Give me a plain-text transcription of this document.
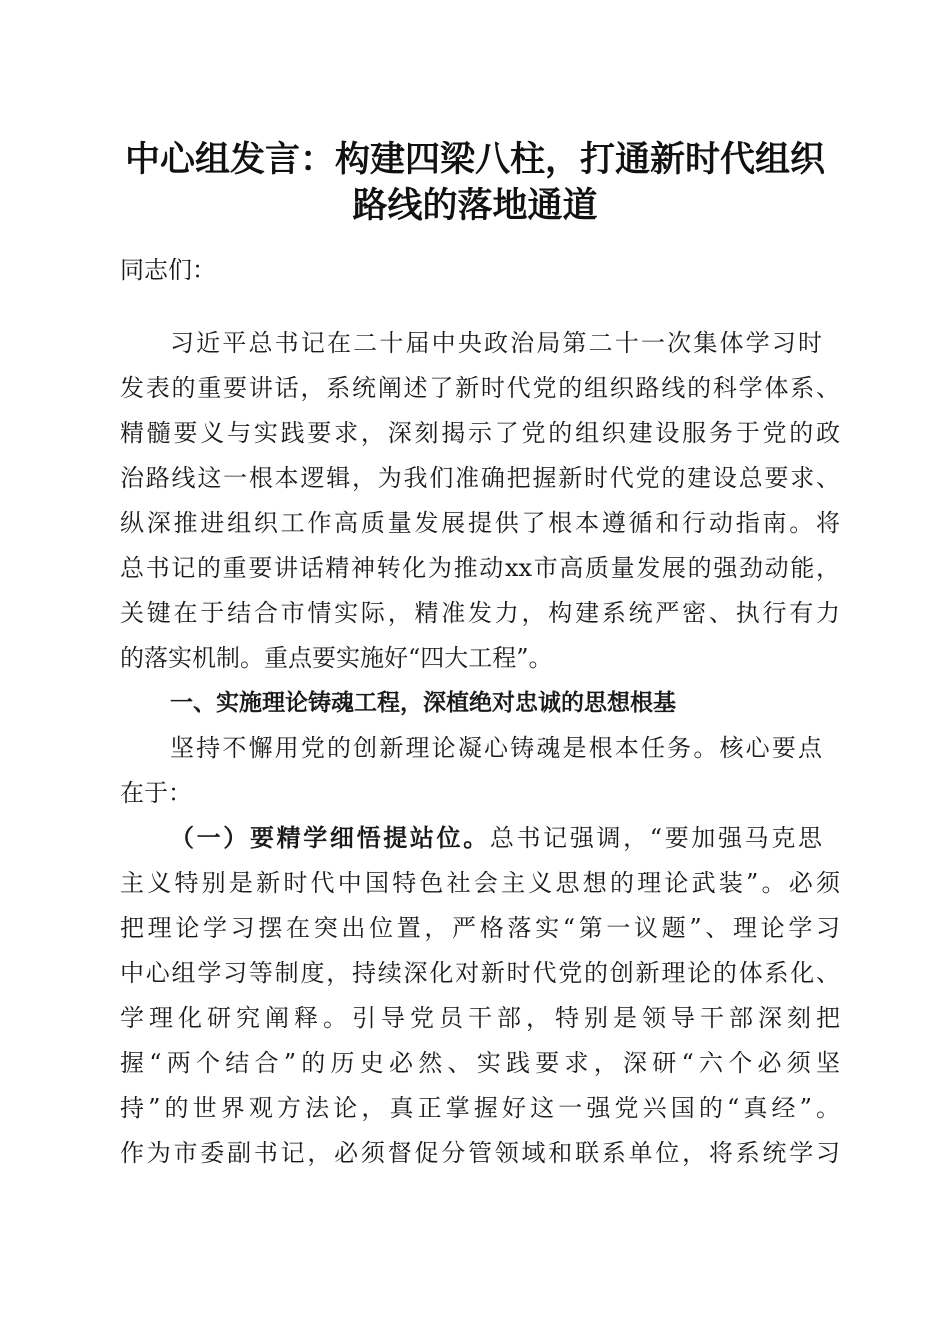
中心组发言：构建四梁八柱，打通新时代组织
路线的落地通道
同志们：
习近平总书记在二十届中央政治局第二十一次集体学习时
发表的重要讲话，系统阐述了新时代党的组织路线的科学体系、
精髓要义与实践要求，深刻揭示了党的组织建设服务于党的政
治路线这一根本逻辑，为我们准确把握新时代党的建设总要求、
纵深推进组织工作高质量发展提供了根本遵循和行动指南。将
总书记的重要讲话精神转化为推动xx市高质量发展的强劲动能，
关键在于结合市情实际，精准发力，构建系统严密、执行有力
的落实机制。重点要实施好“四大工程”。
一、实施理论铸魂工程，深植绝对忠诚的思想根基
坚持不懈用党的创新理论凝心铸魂是根本任务。核心要点
在于：
（一）要精学细悟提站位。总书记强调，“要加强马克思
主义特别是新时代中国特色社会主义思想的理论武装”。必须
把理论学习摆在突出位置，严格落实“第一议题”、理论学习
中心组学习等制度，持续深化对新时代党的创新理论的体系化、
学理化研究阐释。引导党员干部，特别是领导干部深刻把
握“两个结合”的历史必然、实践要求，深研“六个必须坚
持”的世界观方法论，真正掌握好这一强党兴国的“真经”。
作为市委副书记，必须督促分管领域和联系单位，将系统学习
